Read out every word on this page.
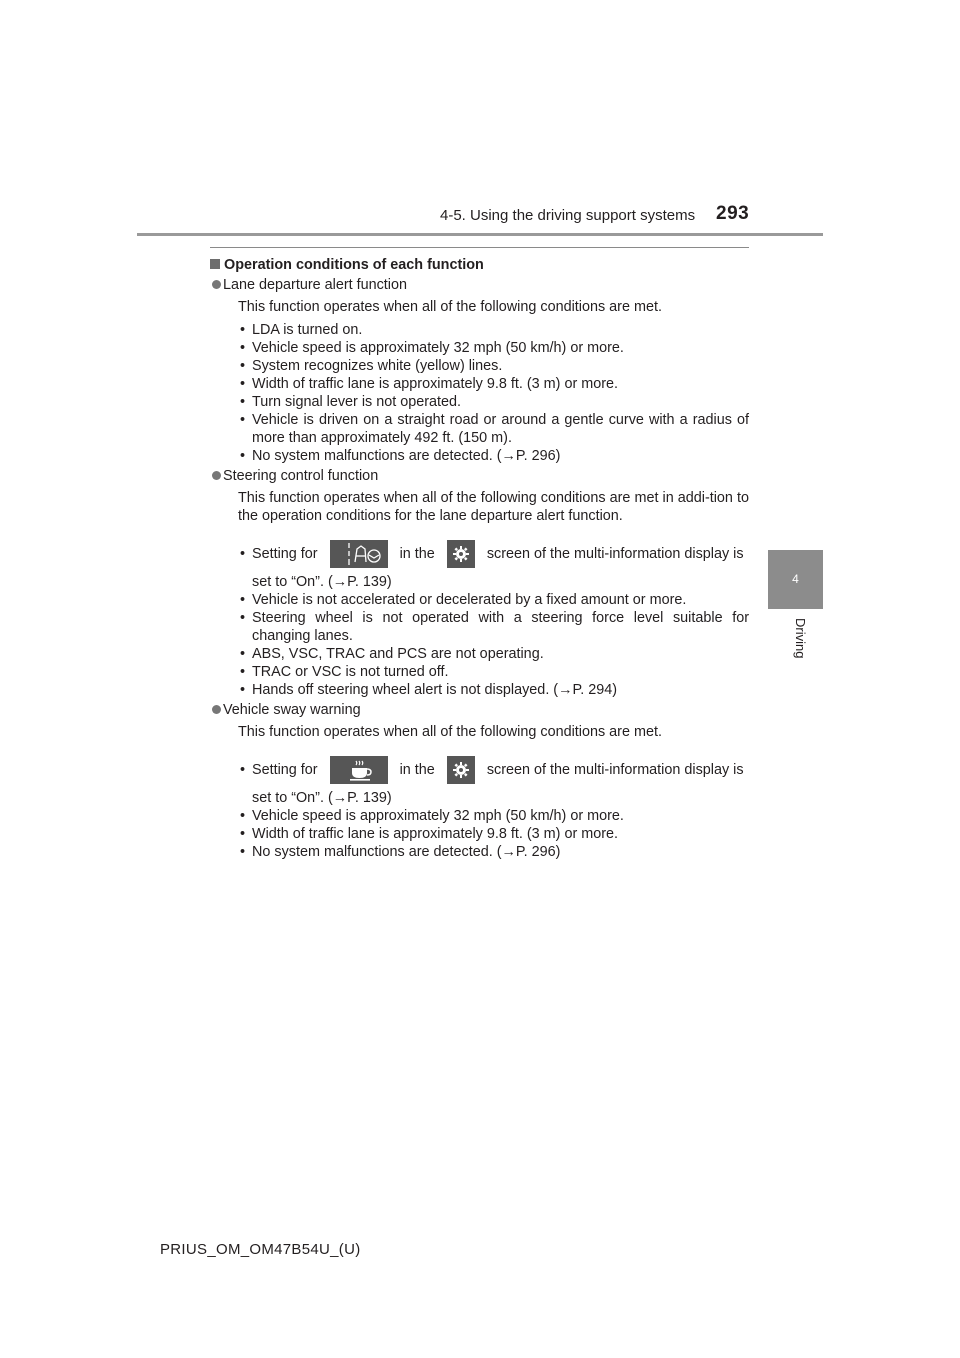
4-5. Using the driving support systems 293
4
Driving

Operation conditions of each function

Lane departure alert function

This function operates when all of the following conditions are met.

• LDA is turned on.
• Vehicle speed is approximately 32 mph (50 km/h) or more.
• System recognizes white (yellow) lines.
• Width of traffic lane is approximately 9.8 ft. (3 m) or more.
• Turn signal lever is not operated.
• Vehicle is driven on a straight road or around a gentle curve with a radius of more than approximately 492 ft. (150 m).
• No system malfunctions are detected. (→P. 296)

Steering control function

This function operates when all of the following conditions are met in addi-tion to the operation conditions for the lane departure alert function.

• Setting for	in the	screen of the multi-information display is
set to “On”. (→P. 139)
• Vehicle is not accelerated or decelerated by a fixed amount or more.
• Steering wheel is not operated with a steering force level suitable for changing lanes.
• ABS, VSC, TRAC and PCS are not operating.
• TRAC or VSC is not turned off.
• Hands off steering wheel alert is not displayed. (→P. 294)

Vehicle sway warning

This function operates when all of the following conditions are met.

• Setting for	in the	screen of the multi-information display is
set to “On”. (→P. 139)
• Vehicle speed is approximately 32 mph (50 km/h) or more.
• Width of traffic lane is approximately 9.8 ft. (3 m) or more.
• No system malfunctions are detected. (→P. 296)
PRIUS_OM_OM47B54U_(U)
